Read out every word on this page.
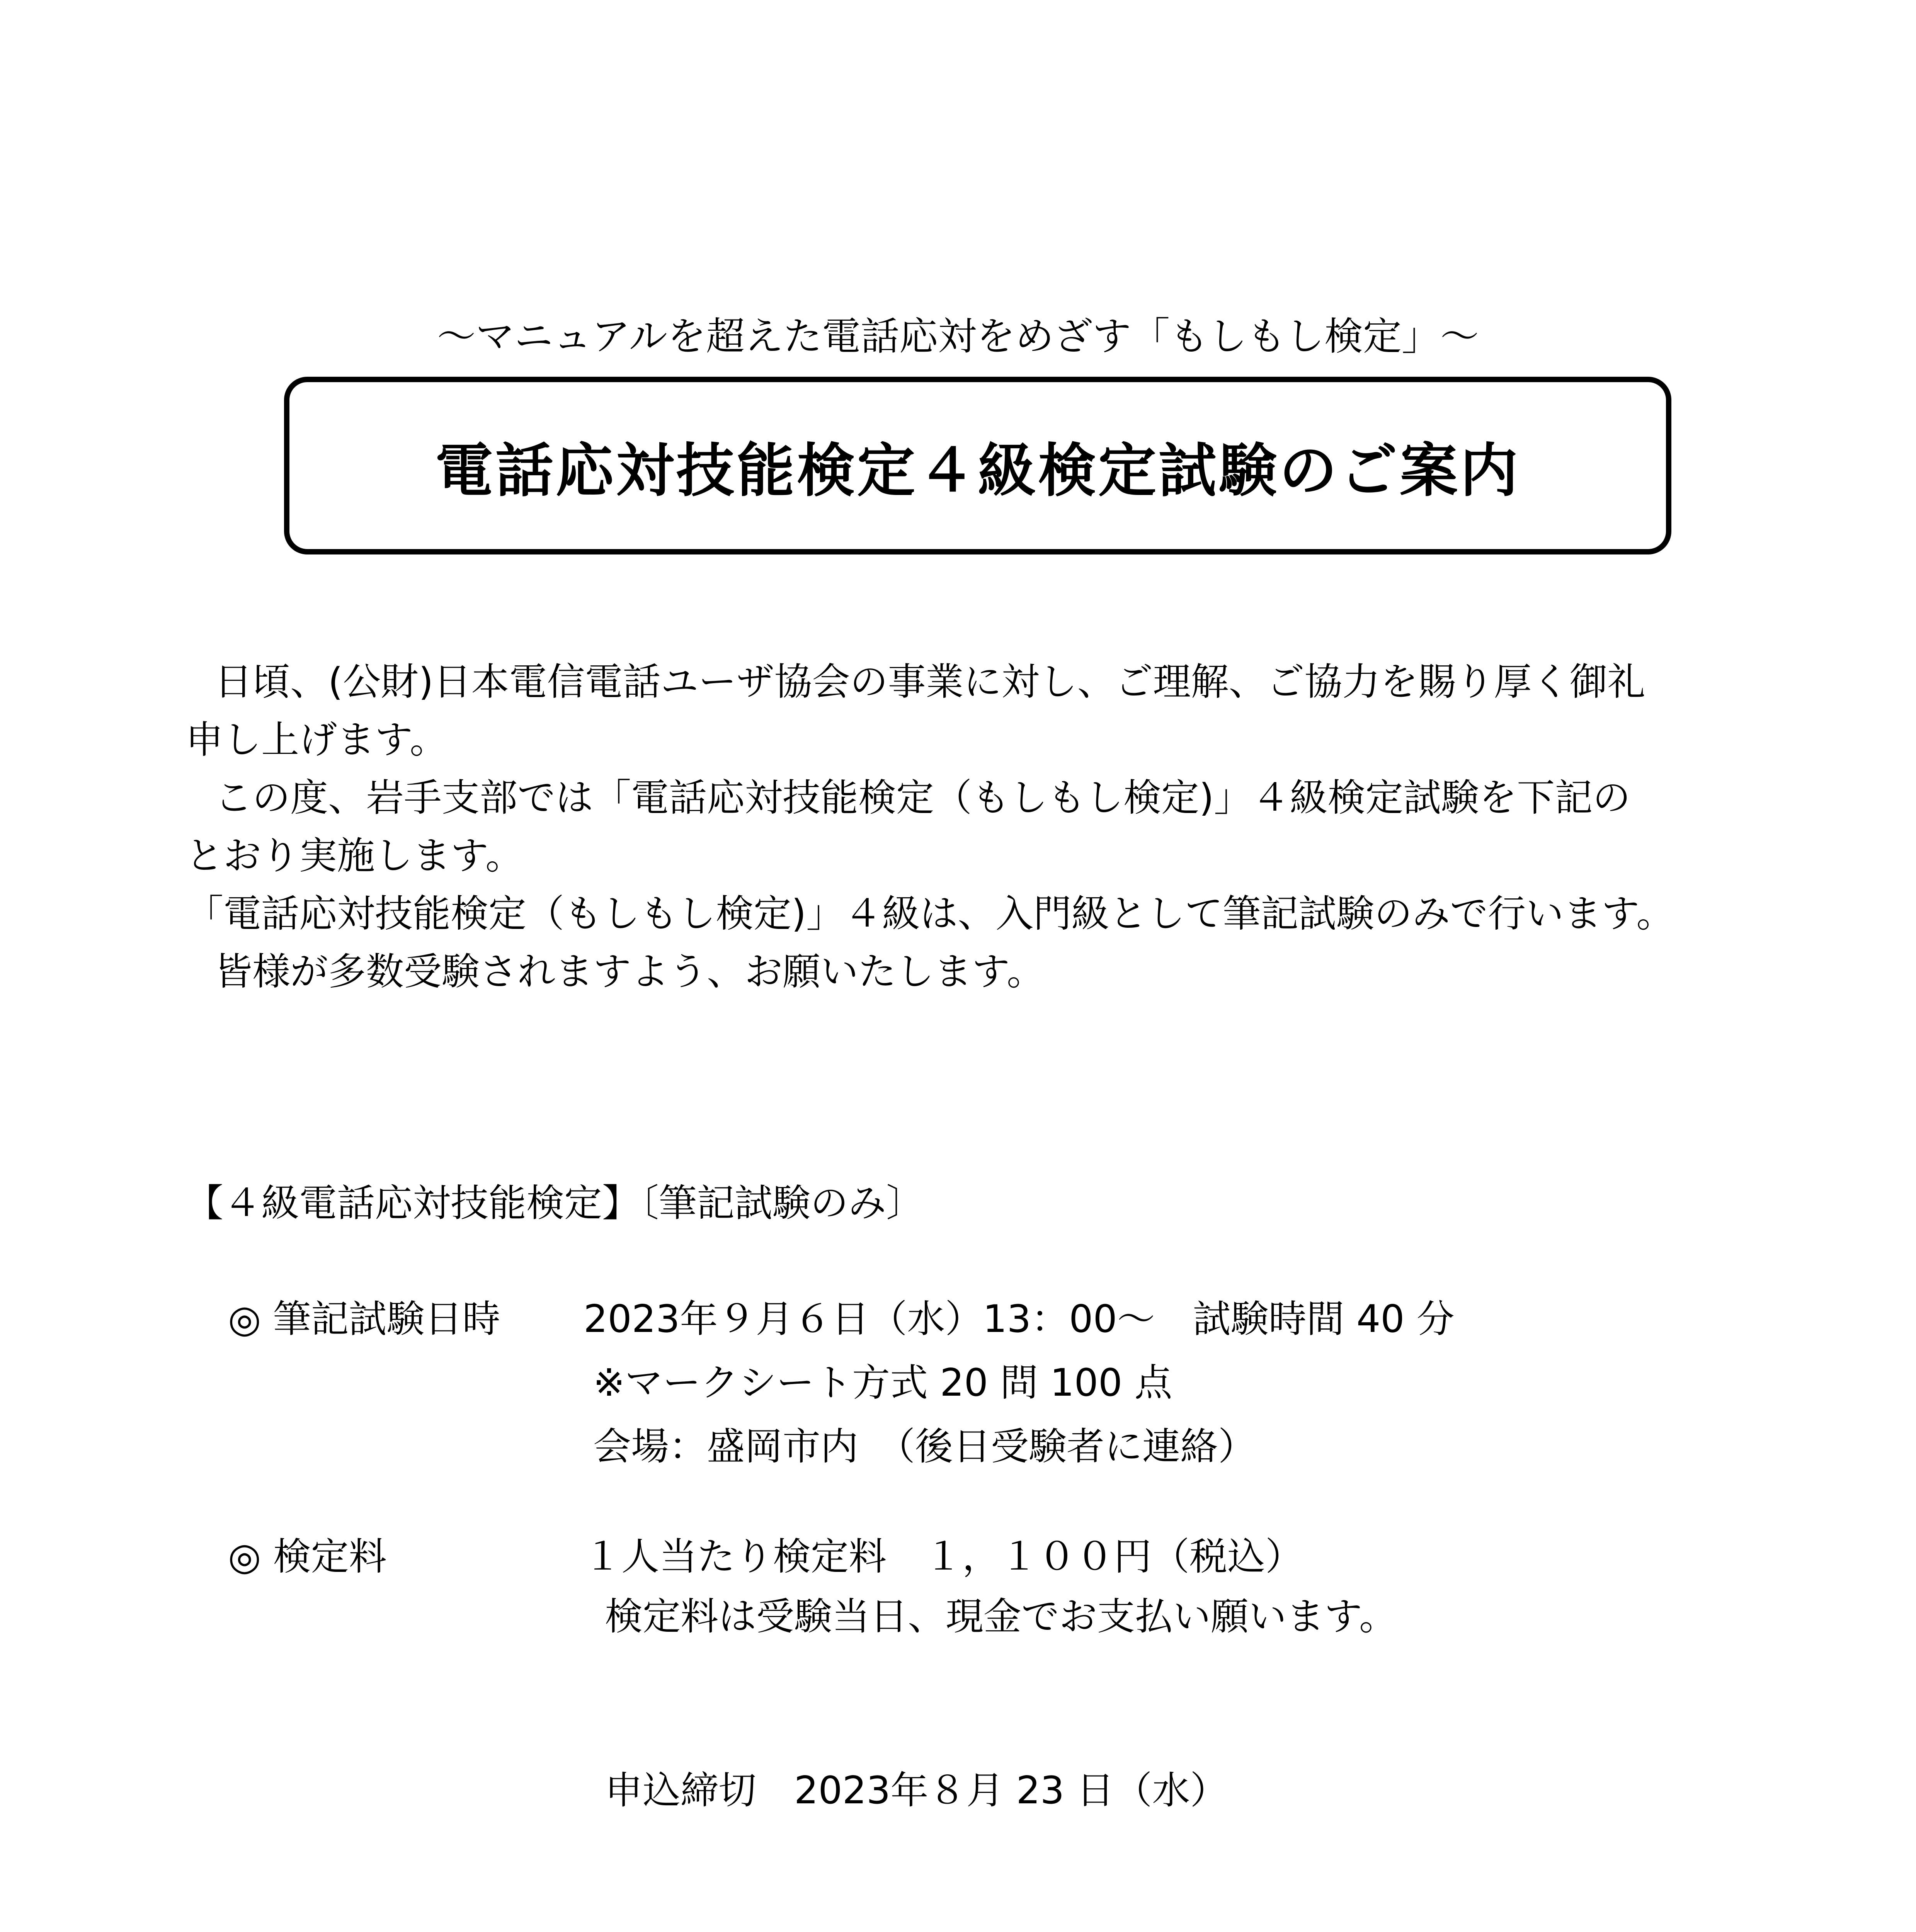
～マニュアルを超えた電話応対をめざす「もしもし検定」～
電話応対技能検定４級検定試験のご案内
日頃、(公財)日本電信電話ユーザ協会の事業に対し、ご理解、ご協力を賜り厚く御礼
申し上げます。
この度、岩手支部では「電話応対技能検定（もしもし検定)」４級検定試験を下記の
とおり実施します。
「電話応対技能検定（もしもし検定)」４級は、入門級として筆記試験のみで行います。
皆様が多数受験されますよう、お願いたします。
【４級電話応対技能検定】〔筆記試験のみ〕
◎ 筆記試験日時 2023年９月６日（水）13：00～　試験時間 40 分
※マークシート方式 20 問 100 点
会場：盛岡市内　（後日受験者に連絡）
◎ 検定料	１人当たり検定料　１，１００円（税込）
検定料は受験当日、現金でお支払い願います。
申込締切　2023年８月 23 日（水）
